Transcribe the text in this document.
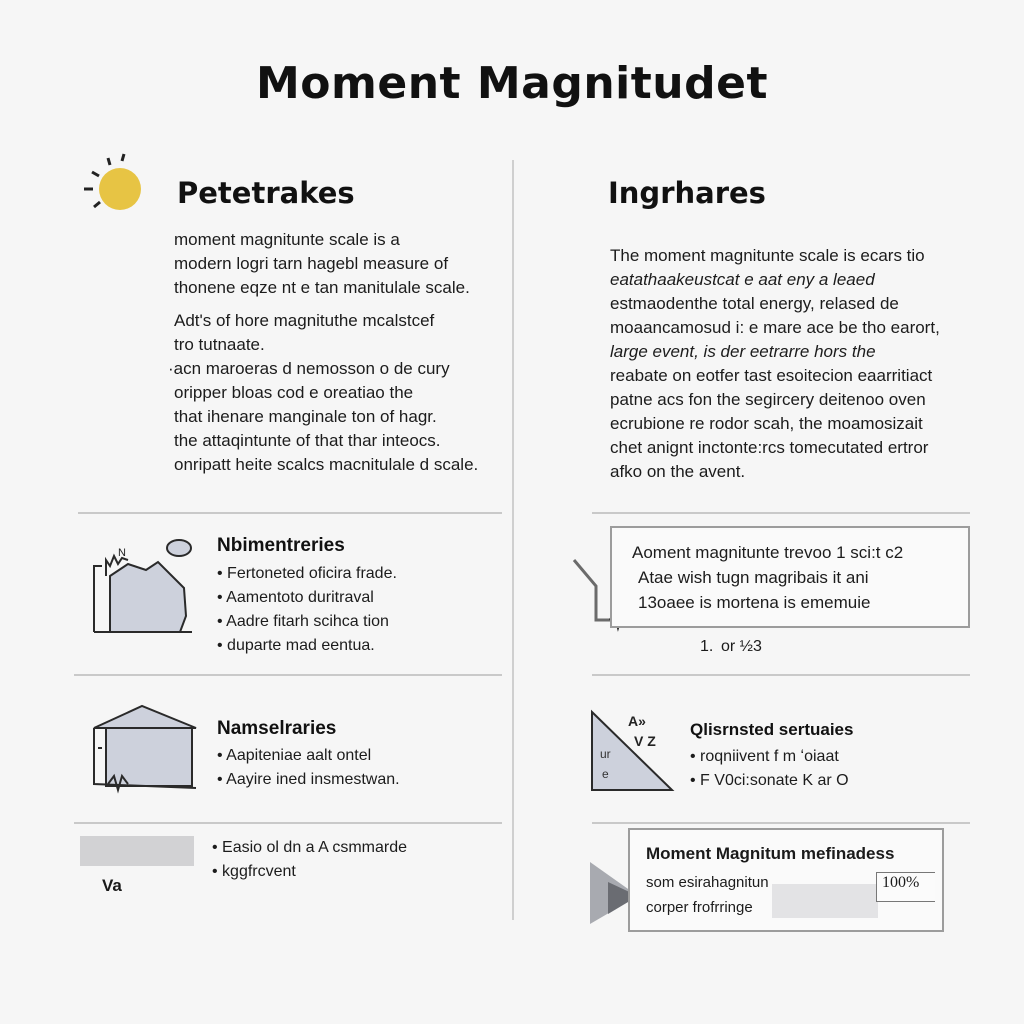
Moment Magnitudet
Petetrakes
moment magnitunte scale is a
modern logri tarn hagebl measure of
thonene eqze nt e tan manitulale scale.
Adt's of hore magnituthe mcalstcef
tro tutnaate.
·acn maroeras d nemosson o de cury
oripper bloas cod e oreatiao the
that ihenare manginale ton of hagr.
the attaqintunte of that thar inteocs.
onripatt heite scalcs macnitulale d scale.
N	Nbimentreries
• Fertoneted oficira frade.
• Aamentoto duritraval
• Aadre fitarh scihca tion
• duparte mad eentua.
Namselraries
• Aapiteniae aalt ontel
• Aayire ined insmestwan.
Va
• Easio ol dn a A csmmarde
• kggfrcvent
Ingrhares
The moment magnitunte scale is ecars tio
eatathaakeustcat e aat eny a leaed
estmaodenthe total energy, relased de
moaancamosud i: e mare ace be tho earort,
large event, is der eetrarre hors the
reabate on eotfer tast esoitecion eaarritiact
patne acs fon the segircery deitenoo oven
ecrubione re rodor scah, the moamosizait
chet anignt inctonte:rcs tomecutated ertror
afko on the avent.
Aoment magnitunte trevoo 1 sci:t c2
Atae wish tugn magribais it ani
13oaee is mortena is ememuie
1.  or ½3
A»
V Z
ur
e
Qlisrnsted sertuaies
• roqniivent f m ʻoiaat
• F V0ci:sonate K ar O
Moment Magnitum mefinadess
som esirahagnitun
corper frofrringe
100%
